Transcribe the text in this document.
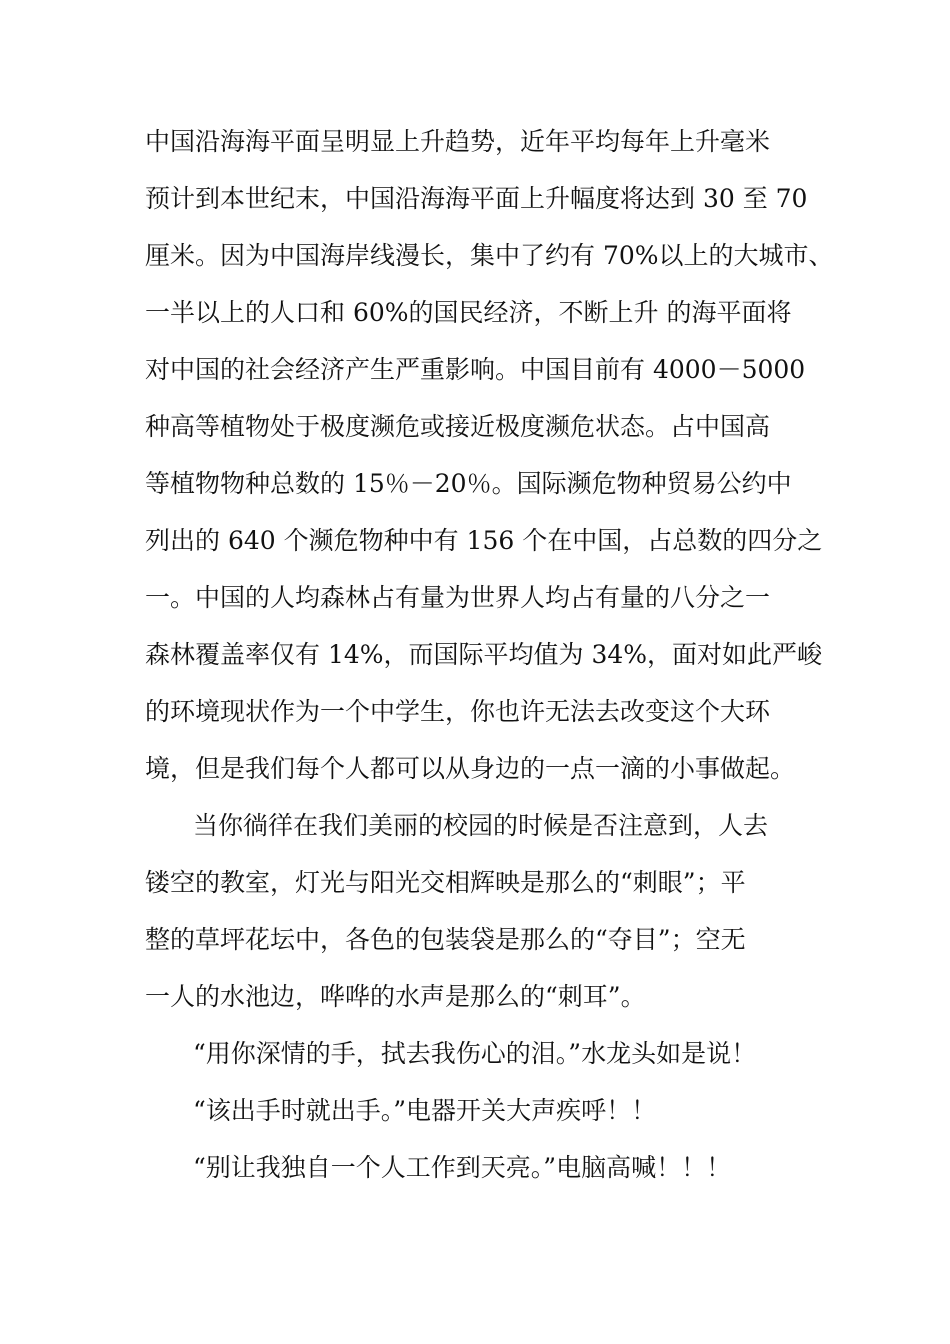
中国沿海海平面呈明显上升趋势，近年平均每年上升毫米
预计到本世纪末，中国沿海海平面上升幅度将达到 30 至 70
厘米。因为中国海岸线漫长，集中了约有 70%以上的大城市、
一半以上的人口和 60%的国民经济，不断上升 的海平面将
对中国的社会经济产生严重影响。中国目前有 4000－5000
种高等植物处于极度濒危或接近极度濒危状态。占中国高
等植物物种总数的 15％－20％。国际濒危物种贸易公约中
列出的 640 个濒危物种中有 156 个在中国，占总数的四分之
一。中国的人均森林占有量为世界人均占有量的八分之一
森林覆盖率仅有 14%，而国际平均值为 34%，面对如此严峻
的环境现状作为一个中学生，你也许无法去改变这个大环
境，但是我们每个人都可以从身边的一点一滴的小事做起。
当你徜徉在我们美丽的校园的时候是否注意到，人去
镂空的教室，灯光与阳光交相辉映是那么的“刺眼”；平
整的草坪花坛中，各色的包装袋是那么的“夺目”；空无
一人的水池边，哗哗的水声是那么的“刺耳”。
“用你深情的手，拭去我伤心的泪。”水龙头如是说！
“该出手时就出手。”电器开关大声疾呼！！
“别让我独自一个人工作到天亮。”电脑高喊！！！
